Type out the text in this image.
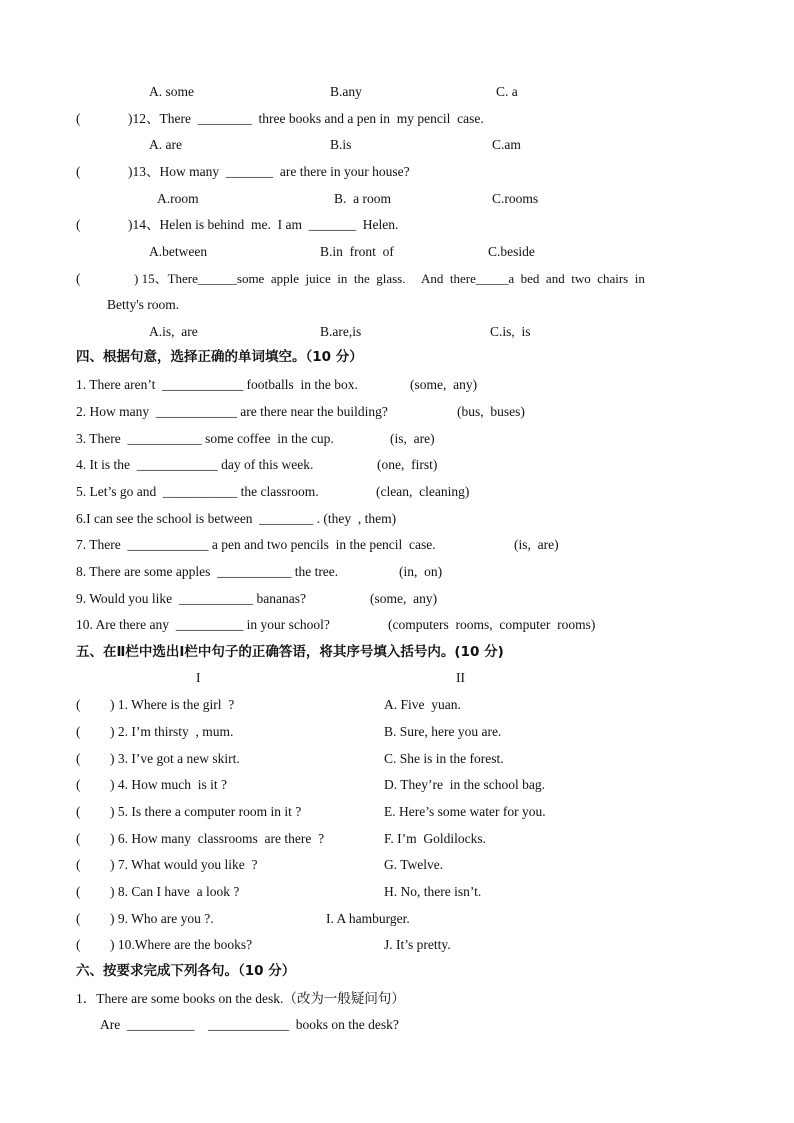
A. some	B.any	C. a
(	)12、There  ________  three books and a pen in  my pencil  case.
A. are	B.is	C.am
(	)13、How many  _______  are there in your house?
A.room	B.  a room	C.rooms
(	)14、Helen is behind  me.  I am  _______  Helen.
A.between	B.in  front  of	C.beside
(	) 15、There______some  apple  juice  in  the  glass.     And  there_____a  bed  and  two  chairs  in
Betty's room.
A.is,  are	B.are,is	C.is,  is
四、根据句意，选择正确的单词填空。（10 分）
1. There aren’t  ____________ footballs  in the box.	(some,  any)
2. How many  ____________ are there near the building?	(bus,  buses)
3. There  ___________ some coffee  in the cup.	(is,  are)
4. It is the  ____________ day of this week.	(one,  first)
5. Let’s go and  ___________ the classroom.	(clean,  cleaning)
6.I can see the school is between  ________ . (they  , them)
7. There  ____________ a pen and two pencils  in the pencil  case.	(is,  are)
8. There are some apples  ___________ the tree.	(in,  on)
9. Would you like  ___________ bananas?	(some,  any)
10. Are there any  __________ in your school?	(computers  rooms,  computer  rooms)
五、在Ⅱ栏中选出Ⅰ栏中句子的正确答语，将其序号填入括号内。(10 分)
I	II
( ) 1. Where is the girl  ?	A. Five  yuan.
( ) 2. I’m thirsty  , mum.	B. Sure, here you are.
( ) 3. I’ve got a new skirt.	C. She is in the forest.
( ) 4. How much  is it ?	D. They’re  in the school bag.
( ) 5. Is there a computer room in it ?	E. Here’s some water for you.
( ) 6. How many  classrooms  are there  ?	F. I’m  Goldilocks.
( ) 7. What would you like  ?	G. Twelve.
( ) 8. Can I have  a look ?	H. No, there isn’t.
( ) 9. Who are you ?.	I. A hamburger.
( ) 10.Where are the books?	J. It’s pretty.
六、按要求完成下列各句。（10 分）
1．There are some books on the desk.（改为一般疑问句）
Are  __________    ____________  books on the desk?
